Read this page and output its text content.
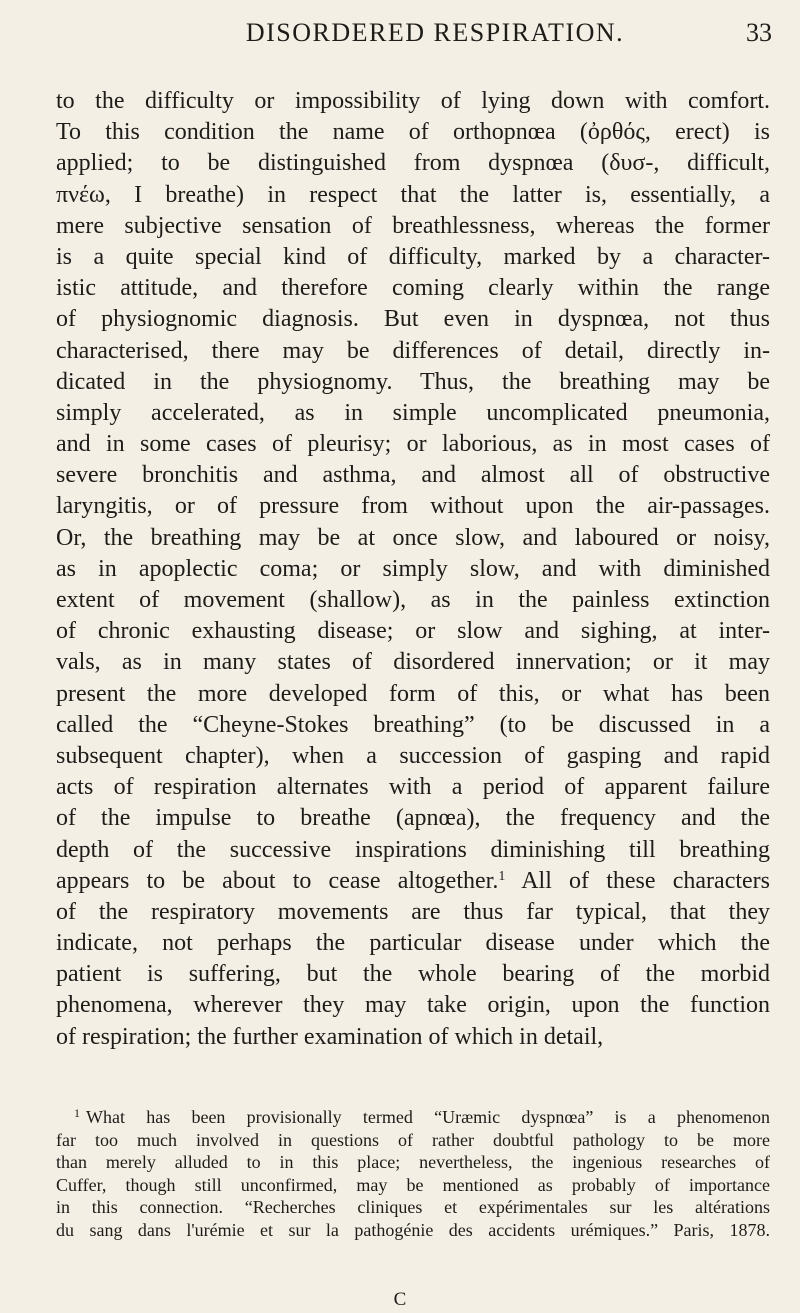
DISORDERED RESPIRATION.	33
to the difficulty or impossibility of lying down with comfort.
To this condition the name of orthopnœa (ὀρθός, erect) is
applied; to be distinguished from dyspnœa (δυσ-, difficult,
πνέω, I breathe) in respect that the latter is, essentially, a
mere subjective sensation of breathlessness, whereas the former
is a quite special kind of difficulty, marked by a character-
istic attitude, and therefore coming clearly within the range
of physiognomic diagnosis. But even in dyspnœa, not thus
characterised, there may be differences of detail, directly in-
dicated in the physiognomy. Thus, the breathing may be
simply accelerated, as in simple uncomplicated pneumonia,
and in some cases of pleurisy; or laborious, as in most cases of
severe bronchitis and asthma, and almost all of obstructive
laryngitis, or of pressure from without upon the air-passages.
Or, the breathing may be at once slow, and laboured or noisy,
as in apoplectic coma; or simply slow, and with diminished
extent of movement (shallow), as in the painless extinction
of chronic exhausting disease; or slow and sighing, at inter-
vals, as in many states of disordered innervation; or it may
present the more developed form of this, or what has been
called the “Cheyne-Stokes breathing” (to be discussed in a
subsequent chapter), when a succession of gasping and rapid
acts of respiration alternates with a period of apparent failure
of the impulse to breathe (apnœa), the frequency and the
depth of the successive inspirations diminishing till breathing
appears to be about to cease altogether.$^1$ All of these characters
of the respiratory movements are thus far typical, that they
indicate, not perhaps the particular disease under which the
patient is suffering, but the whole bearing of the morbid
phenomena, wherever they may take origin, upon the function
of respiration; the further examination of which in detail,
$^1$ What has been provisionally termed “Uræmic dyspnœa” is a phenomenon
far too much involved in questions of rather doubtful pathology to be more
than merely alluded to in this place; nevertheless, the ingenious researches of
Cuffer, though still unconfirmed, may be mentioned as probably of importance
in this connection. “Recherches cliniques et expérimentales sur les altérations
du sang dans l'urémie et sur la pathogénie des accidents urémiques.” Paris, 1878.
C
